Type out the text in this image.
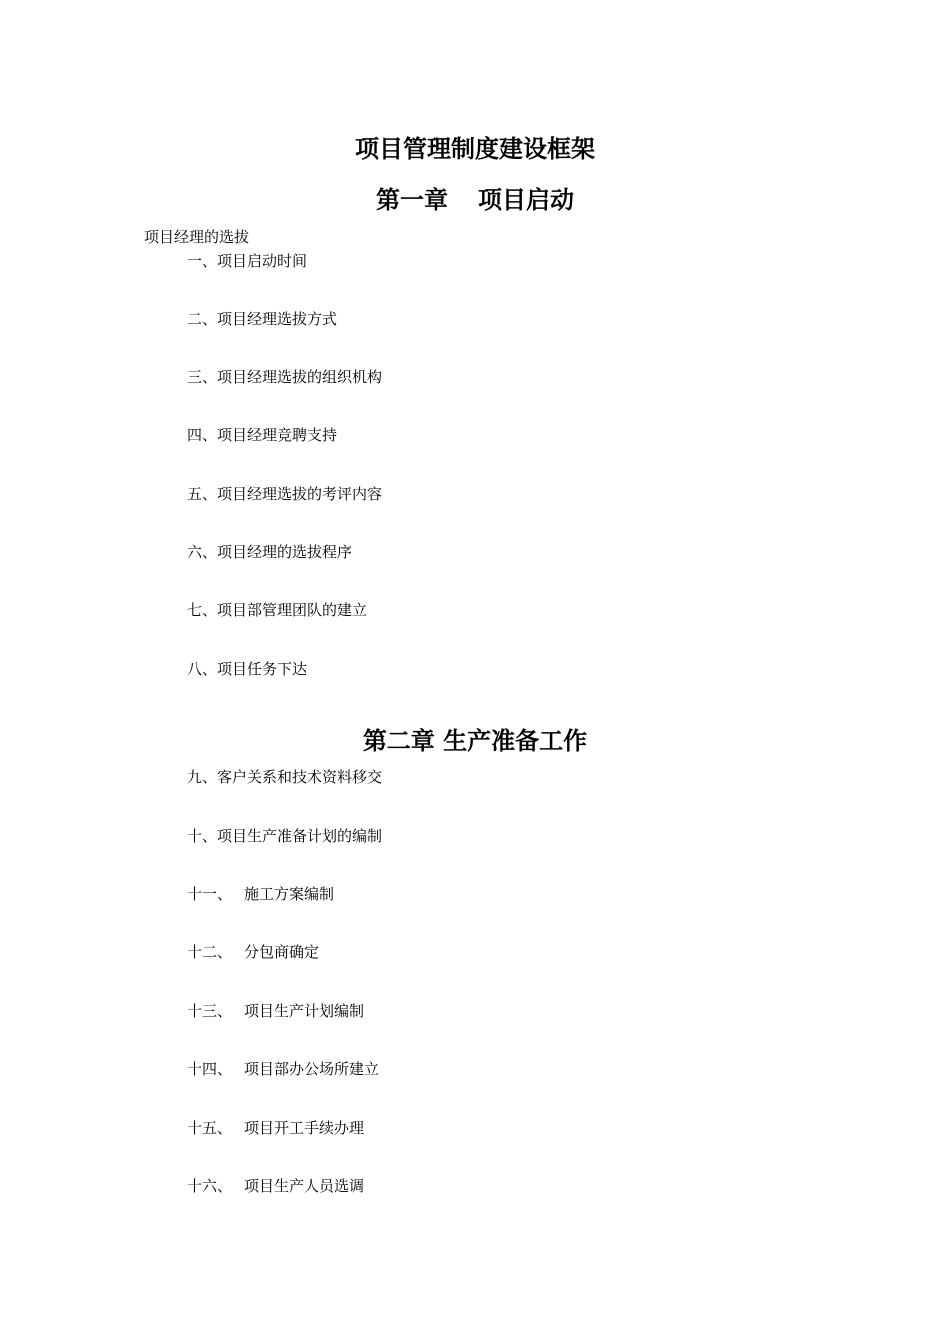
项目管理制度建设框架
第一章 项目启动

项目经理的选拔

一、项目启动时间

二、项目经理选拔方式

三、项目经理选拔的组织机构

四、项目经理竞聘支持

五、项目经理选拔的考评内容

六、项目经理的选拔程序

七、项目部管理团队的建立

八、项目任务下达

第二章 生产准备工作

九、客户关系和技术资料移交

十、项目生产准备计划的编制

十一、 施工方案编制

十二、 分包商确定

十三、 项目生产计划编制

十四、 项目部办公场所建立

十五、 项目开工手续办理

十六、 项目生产人员选调
